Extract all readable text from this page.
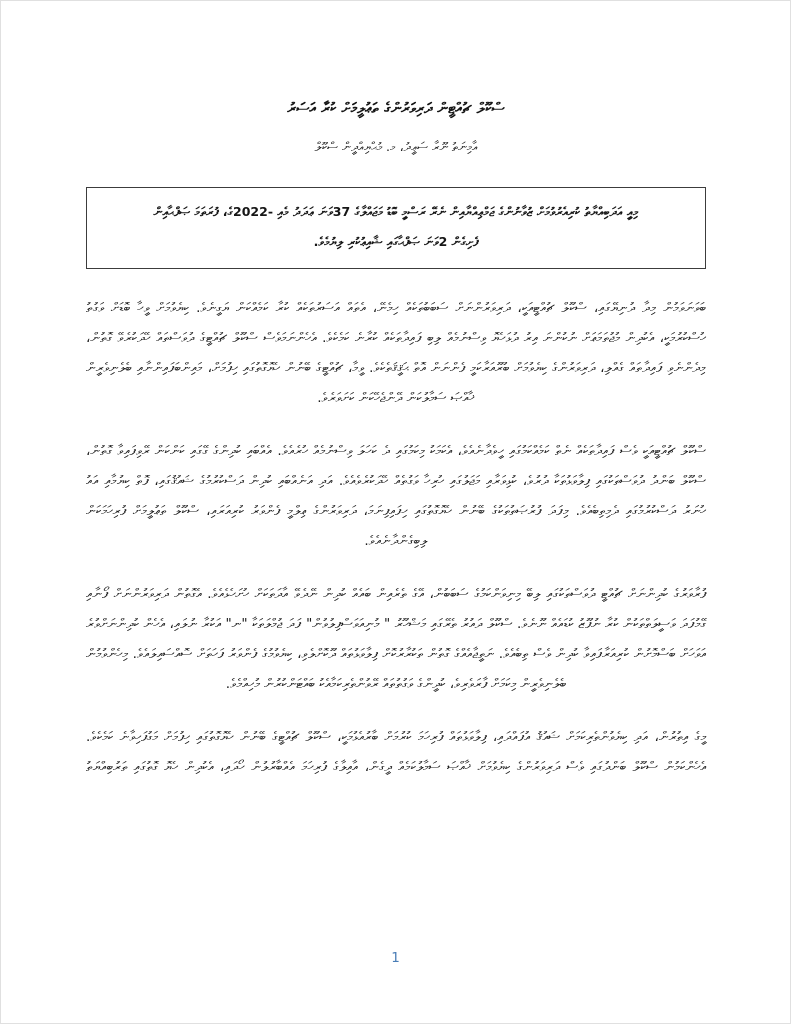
ސްކޫލް ޗުއްޓީން ދަރިވަރުންގެ ތަޢުލީމަށް ކުރާ އަސަރު
އާމިނަތު ނޫރާ ސަޢީދު، މ. މުޙްޔިއްދީން ސްކޫލް
މިއީ އަދަބިއްޔާތު ކުރިއެރުވުމަށް ޒުވާނުންގެ ޖަމްޢިއްޔާއިން ނެރޭ ރަސްމީ ބޮޑު މަޖައްލާގެ 37ވަނަ ޢަދަދު މެއި -2022ގެ، ފުރަތަމަ ޞަފްޙާއިން
ފެށިގެން 2ވަނަ ޞަފްޙާގައި ޝާއިޢުކުރި ލިޔުމެވެ.

ބަވަނަވަމުން މިދާ ދުނިޔޭގައި، ސްކޫލް ޗުއްޓީއަކީ، ދަރިވަރުންނަށް ސަބަބުތަކެއް ހިމެނޭ، އެތައް އަސަރުތަކެއް ކުރާ ކަމެއްކަން ޔަގީނެވެ. ކިޔެވުމަށް ވީހާ ބޮޑަށް ވަގުތު ހުސްކުރުމަކީ، އެކުދިން މުޖުތަމަޢަށް ނުކުންނަ އިރު ދުޅަހެޔޮ ވިސްނުމެއް ލިބި ފައިދާތަކެއް ކުރާނެ ކަމެކެވެ. އެހެންނަމަވެސް ސްކޫލް ޗުއްޓީގެ ދުވަސްތައް ހޭދަކުރެވޭ ގޮތުން، މިދެންނެވި ފައިދާތައް ގެއްލި، ދަރިވަރުންގެ ކިޔެވުމަށް ބުރޫއަރާކަމީ ފެންނަން އޮތް ޙަޤީޤަތެކެވެ. ވީމާ، ޗުއްޓީގެ ބޭނުން ހެޔޮގޮތުގައި ހިފުމަށް، މައިންބަފައިންނާއި ބެލެނިވެރީން ޚާއްޞަ ސަމާލުކަން ދޭންޖެހޭކަން ކަށަވަރެވެ.

ސްކޫލް ޗުއްޓީއަކީ ވެސް ފައިދާތަކެއް ނެތް ކަމެއްކަމުގައި ހީވެދާނެއެވެ، އެކަމަކު މިކަމުގައި ދެ ކަހަލަ ވިސްނުމެއް ހުރެއެވެ. އެއްބައި ކުދިންގެ ގޭގައި ކަންކަން ރޭވިފައިވާ ގޮތުން، ސްކޫލް ބަންދު ދުވަސްތަކުގައި ފިލާވަޅުތަކާ ދުރުވެ، ކުޅިވަރާއި މަޖަލުގައި ހުރިހާ ވަގުތެއް ހޭދަކުރެވެއެވެ. އަދި އަނެއްބައި ކުދިން ދަސްކުރުމުގެ ޝައުޤުގައި، ފޮތް ކިޔުމާއި އައު ހުނަރު ދަސްކުރުމުގައި ދެމިތިބެއެވެ. މިފަދަ ފުރުޞަތުތަކުގެ ބޭނުން ހެޔޮގޮތުގައި ހިފައިފިނަމަ، ދަރިވަރުންގެ ޢިލްމީ ފެންވަރު ކުރިއަރައި، ސްކޫލް ތަޢުލީމަށް ފުރިހަމަކަން ލިބިގެންދާނެއެވެ.

ފުރާވަރުގެ ކުދިންނަށް ޗުއްޓީ ދުވަސްތަކުގައި ލިބޭ މިނިވަންކަމުގެ ސަބަބުން، އޭގެ ތެރެއިން ބައެއް ކުދިން ނޭދެވޭ އާދަތަކަށް ހުށަހެޅެއެވެ. އެގޮތުން ދަރިވަރުންނަށް ފޯނާއި ގޭމުފަދަ ވަސީލަތްތަކުން ކުރާ ނުފޫޒު ކުޑައެއް ނޫނެވެ. ސްކޫލް ދައުރު ތެރޭގައި މަޝްހޫރު " މުނިއަވަސްފިލުވުން" ފަދަ ޖުމްލަތަކާ "ނ" އަކުރާ ނުލައި، އެހެން ކުދިންނަށްވުރެ އަވަހަށް ބަސްމޮށުން ކުރިއަރާފައިވާ ކުދިން ވެސް ތިބެއެވެ. ނަތީޖާއެއްގެ ގޮތުން ތަކުރާރުކޮށް ފިލާވަޅުތައް ދޫކޮށްލެވި، ކިޔެވުމުގެ ފެންވަރު ފަހަތަށް ސޮއްސައިލައެވެ. މިހެންވުމުން ބެލެނިވެރީން މިކަމަށް ފާރަވެރިވެ، ކުދީންގެ ވަގުތުތައް ރޭވުންތެރިކަމާއެކު ބައްޓަންކުރުން މުހިއްމެވެ.

މީގެ އިތުރުން، އަދި ކިޔެވުންތެރިކަމަށް ޝައުޤު އުފައްދައި، ފިލާވަޅުތައް ފުރިހަމަ ކުރުމަށް ބާރުއެޅުމަކީ، ސްކޫލް ޗުއްޓީގެ ބޭނުން ހެޔޮގޮތުގައި ހިފުމަށް މަގުފަހިވާނެ ކަމެކެވެ. އެހެންކަމުން ސްކޫލް ބަންދުގައި ވެސް ދަރިވަރުންގެ ކިޔެވުމަށް ޚާއްޞަ ސަމާލުކަމެއް ދީގެން، އާއިލާގެ ފުރިހަމަ އެއްބާރުލުން ހޯދައި، އެކުދިން ހެޔޮ ގޮތުގައި ތަރުބިއްޔަތު

1
